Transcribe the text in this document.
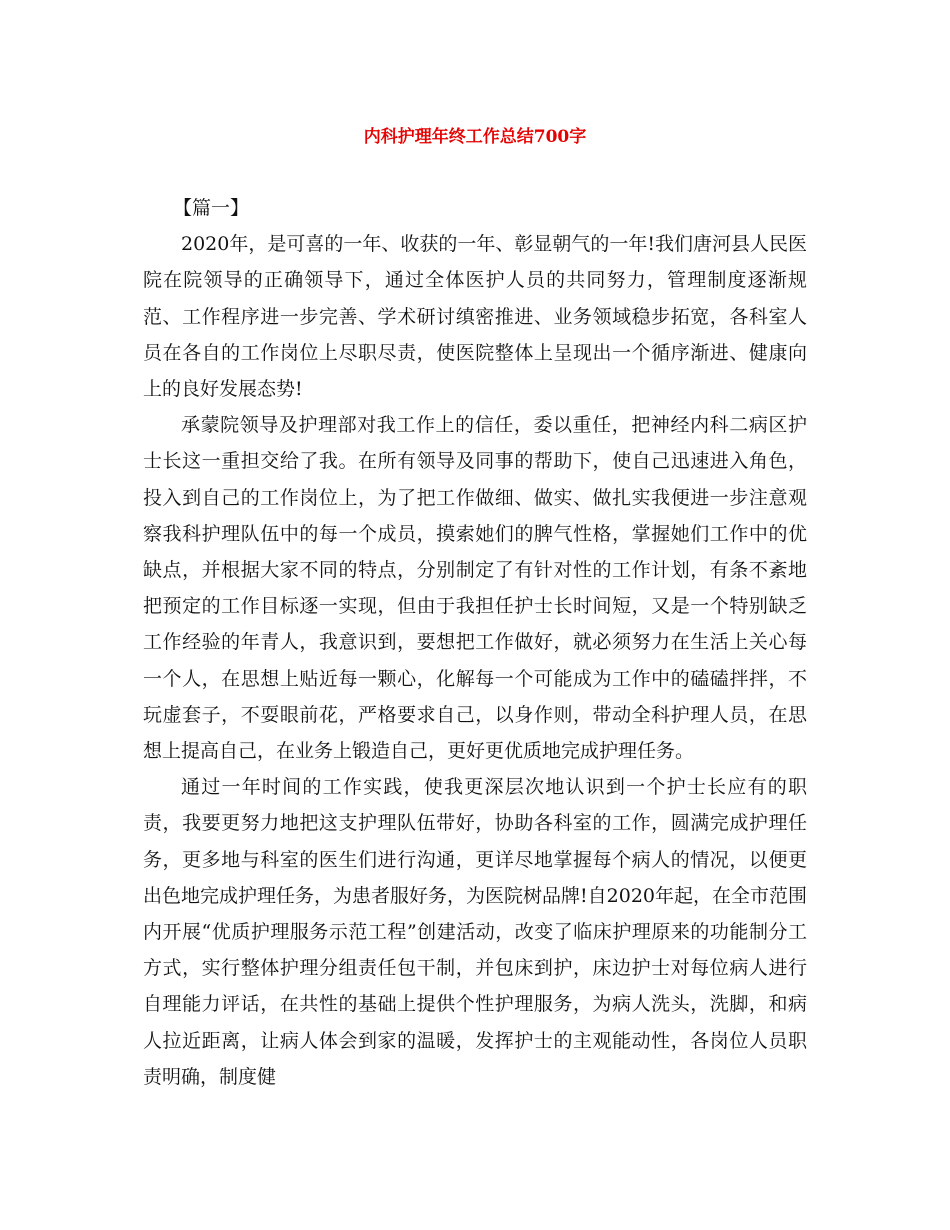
内科护理年终工作总结700字

【篇一】

2020年，是可喜的一年、收获的一年、彰显朝气的一年!我们唐河县人民医院在院领导的正确领导下，通过全体医护人员的共同努力，管理制度逐渐规范、工作程序进一步完善、学术研讨缜密推进、业务领域稳步拓宽，各科室人员在各自的工作岗位上尽职尽责，使医院整体上呈现出一个循序渐进、健康向上的良好发展态势!

承蒙院领导及护理部对我工作上的信任，委以重任，把神经内科二病区护士长这一重担交给了我。在所有领导及同事的帮助下，使自己迅速进入角色，投入到自己的工作岗位上，为了把工作做细、做实、做扎实我便进一步注意观察我科护理队伍中的每一个成员，摸索她们的脾气性格，掌握她们工作中的优缺点，并根据大家不同的特点，分别制定了有针对性的工作计划，有条不紊地把预定的工作目标逐一实现，但由于我担任护士长时间短，又是一个特别缺乏工作经验的年青人，我意识到，要想把工作做好，就必须努力在生活上关心每一个人，在思想上贴近每一颗心，化解每一个可能成为工作中的磕磕拌拌，不玩虚套子，不耍眼前花，严格要求自己，以身作则，带动全科护理人员，在思想上提高自己，在业务上锻造自己，更好更优质地完成护理任务。

通过一年时间的工作实践，使我更深层次地认识到一个护士长应有的职责，我要更努力地把这支护理队伍带好，协助各科室的工作，圆满完成护理任务，更多地与科室的医生们进行沟通，更详尽地掌握每个病人的情况，以便更出色地完成护理任务，为患者服好务，为医院树品牌!自2020年起，在全市范围内开展“优质护理服务示范工程”创建活动，改变了临床护理原来的功能制分工方式，实行整体护理分组责任包干制，并包床到护，床边护士对每位病人进行自理能力评话，在共性的基础上提供个性护理服务，为病人洗头，洗脚，和病人拉近距离，让病人体会到家的温暖，发挥护士的主观能动性，各岗位人员职责明确，制度健
